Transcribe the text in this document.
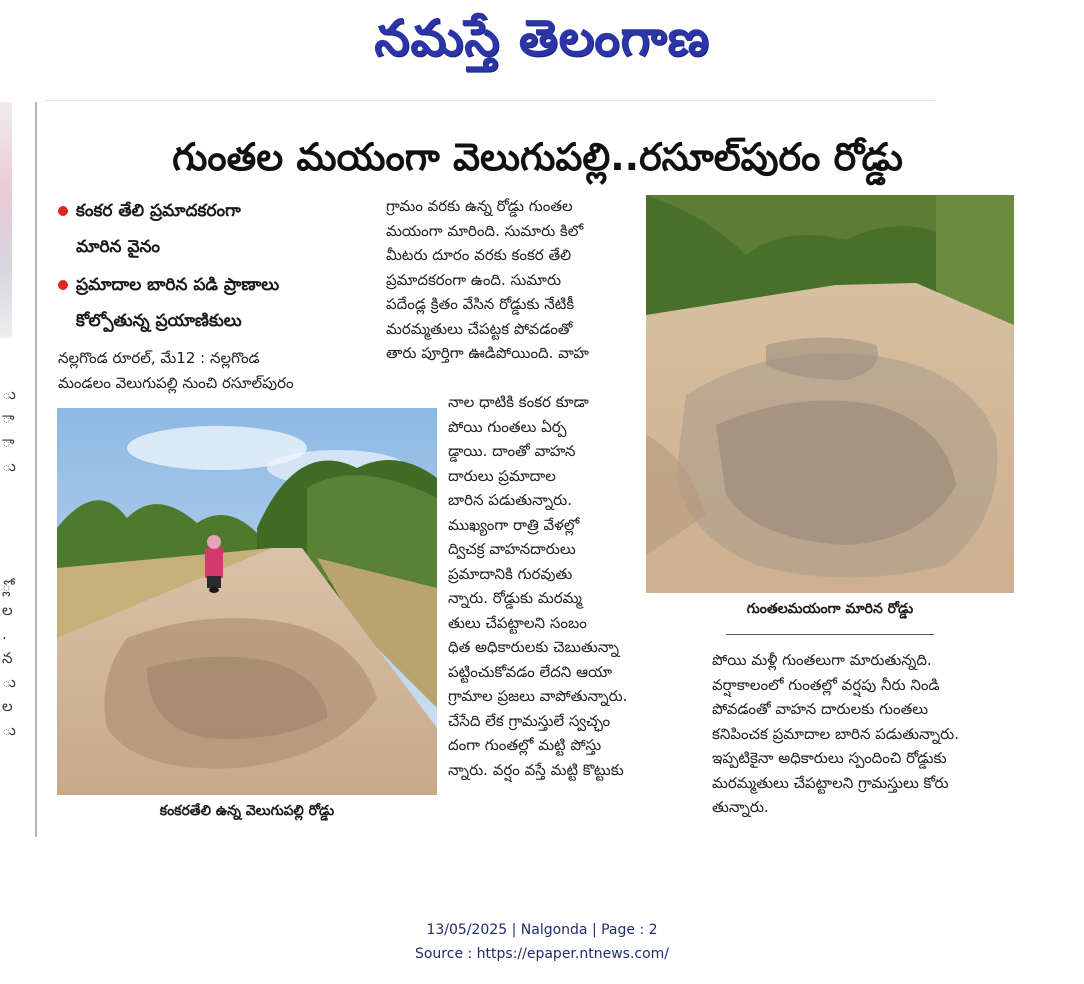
నమస్తే తెలంగాణ
ు
ా
ా
ు
్లో
ల
.
న
ు
ల
ు
గుంతల మయంగా వెలుగుపల్లి..రసూల్‌పురం రోడ్డు
కంకర తేలి ప్రమాదకరంగా
మారిన వైనం
ప్రమాదాల బారిన పడి ప్రాణాలు
కోల్పోతున్న ప్రయాణికులు
నల్లగొండ రూరల్, మే12 : నల్లగొండ
మండలం వెలుగుపల్లి నుంచి రసూల్‌పురం
కంకరతేలి ఉన్న వెలుగుపల్లి రోడ్డు
గ్రామం వరకు ఉన్న రోడ్డు గుంతల
మయంగా మారింది. సుమారు కిలో
మీటరు దూరం వరకు కంకర తేలి
ప్రమాదకరంగా ఉంది. సుమారు
పదేండ్ల క్రితం వేసిన రోడ్డుకు నేటికీ
మరమ్మతులు చేపట్టక పోవడంతో
తారు పూర్తిగా ఊడిపోయింది. వాహ
నాల ధాటికి కంకర కూడా
పోయి గుంతలు ఏర్ప
డ్డాయి. దాంతో వాహన
దారులు ప్రమాదాల
బారిన పడుతున్నారు.
ముఖ్యంగా రాత్రి వేళల్లో
ద్విచక్ర వాహనదారులు
ప్రమాదానికి గురవుతు
న్నారు. రోడ్డుకు మరమ్మ
తులు చేపట్టాలని సంబం
ధిత అధికారులకు చెబుతున్నా
పట్టించుకోవడం లేదని ఆయా
గ్రామాల ప్రజలు వాపోతున్నారు.
చేసేది లేక గ్రామస్తులే స్వచ్ఛం
దంగా గుంతల్లో మట్టి పోస్తు
న్నారు. వర్షం వస్తే మట్టి కొట్టుకు
గుంతలమయంగా మారిన రోడ్డు
పోయి మళ్లీ గుంతలుగా మారుతున్నది.
వర్షాకాలంలో గుంతల్లో వర్షపు నీరు నిండి
పోవడంతో వాహన దారులకు గుంతలు
కనిపించక ప్రమాదాల బారిన పడుతున్నారు.
ఇప్పటికైనా అధికారులు స్పందించి రోడ్డుకు
మరమ్మతులు చేపట్టాలని గ్రామస్తులు కోరు
తున్నారు.
13/05/2025 | Nalgonda | Page : 2
Source : https://epaper.ntnews.com/
